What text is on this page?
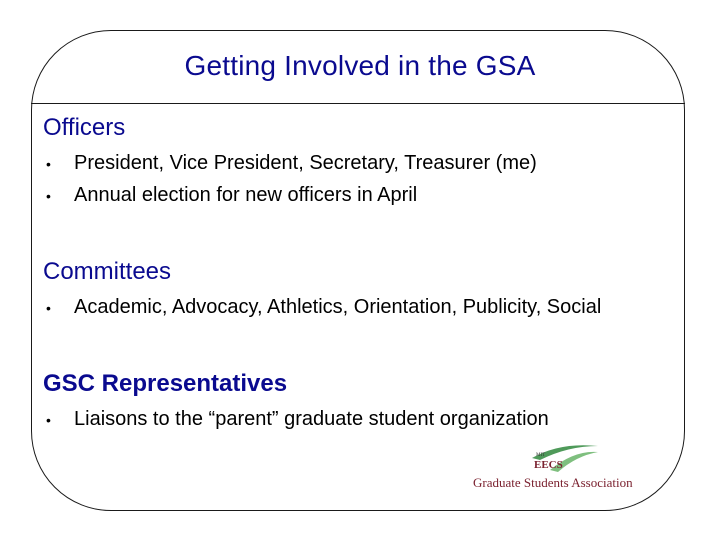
Getting Involved in the GSA
Officers
•	President, Vice President, Secretary, Treasurer (me)
•	Annual election for new officers in April
Committees
•	Academic, Advocacy, Athletics, Orientation, Publicity, Social
GSC Representatives
•	Liaisons to the “parent” graduate student organization
MIT
EECS
Graduate Students Association
